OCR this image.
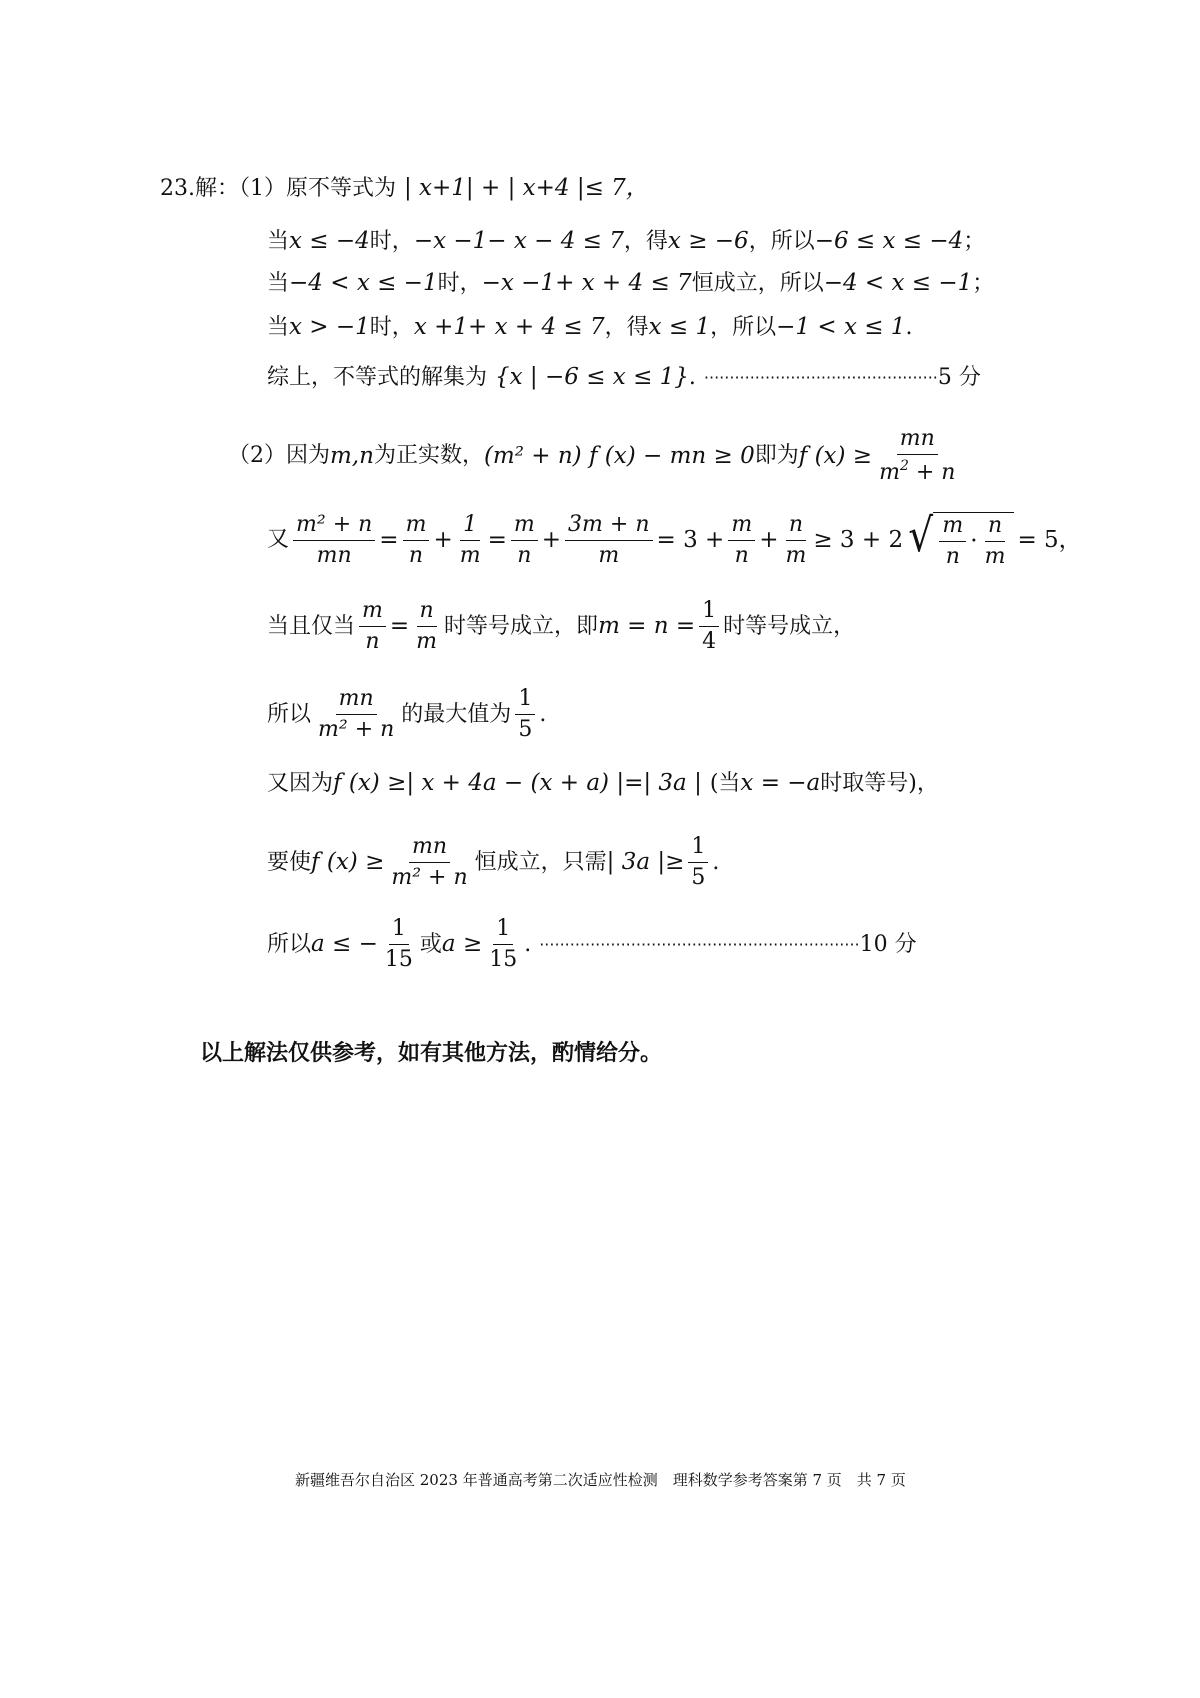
23.解：（1）原不等式为 | x+1| + | x+4 |≤ 7，
当 x ≤ −4 时， −x −1− x − 4 ≤ 7 ，得 x ≥ −6 ，所以 −6 ≤ x ≤ −4 ；
当 −4 < x ≤ −1 时， −x −1+ x + 4 ≤ 7 恒成立，所以 −4 < x ≤ −1 ；
当 x > −1 时， x +1+ x + 4 ≤ 7 ，得 x ≤ 1 ，所以 −1 < x ≤ 1 .
综上，不等式的解集为 {x | −6 ≤ x ≤ 1} . ·············································· 5 分
（2）因为 m,n 为正实数， (m² + n) f (x) − mn ≥ 0 即为 f $(x) \ge \frac{mn}{m^2 + n}$
又 $\frac{\text{m² + n}}{mn} = \frac{m}{n} + \frac{1}{m} = \frac{m}{n} + \frac{3m + n}{m} = 3 + \frac{m}{n} + \frac{n}{m} \ge 3 + 2$ √ $\frac{m}{n} \cdot \frac{n}{m} = 5$，
当且仅当 $\frac{m}{n} = \frac{n}{m}$ 时等号成立，即 $m = n = \frac{1}{4}$ 时等号成立，
所以 $\frac{mn}{\text{m² + n}}$ 的最大值为 $\frac{1}{5}$ .
又因为 f (x) ≥| x + 4a − (x + a) |=| 3a | (当 x = −a 时取等号)，
要使 f $(x) \ge \frac{mn}{\text{m² + n}}$ 恒成立，只需 | 3a |≥ $\frac{1}{5}$ .
所以 a ≤ − $\frac{1}{15}$ 或 $a \ge \frac{1}{15}$ . ······························································· 10 分
以上解法仅供参考，如有其他方法，酌情给分。
新疆维吾尔自治区 2023 年普通高考第二次适应性检测　理科数学参考答案第 7 页　共 7 页
